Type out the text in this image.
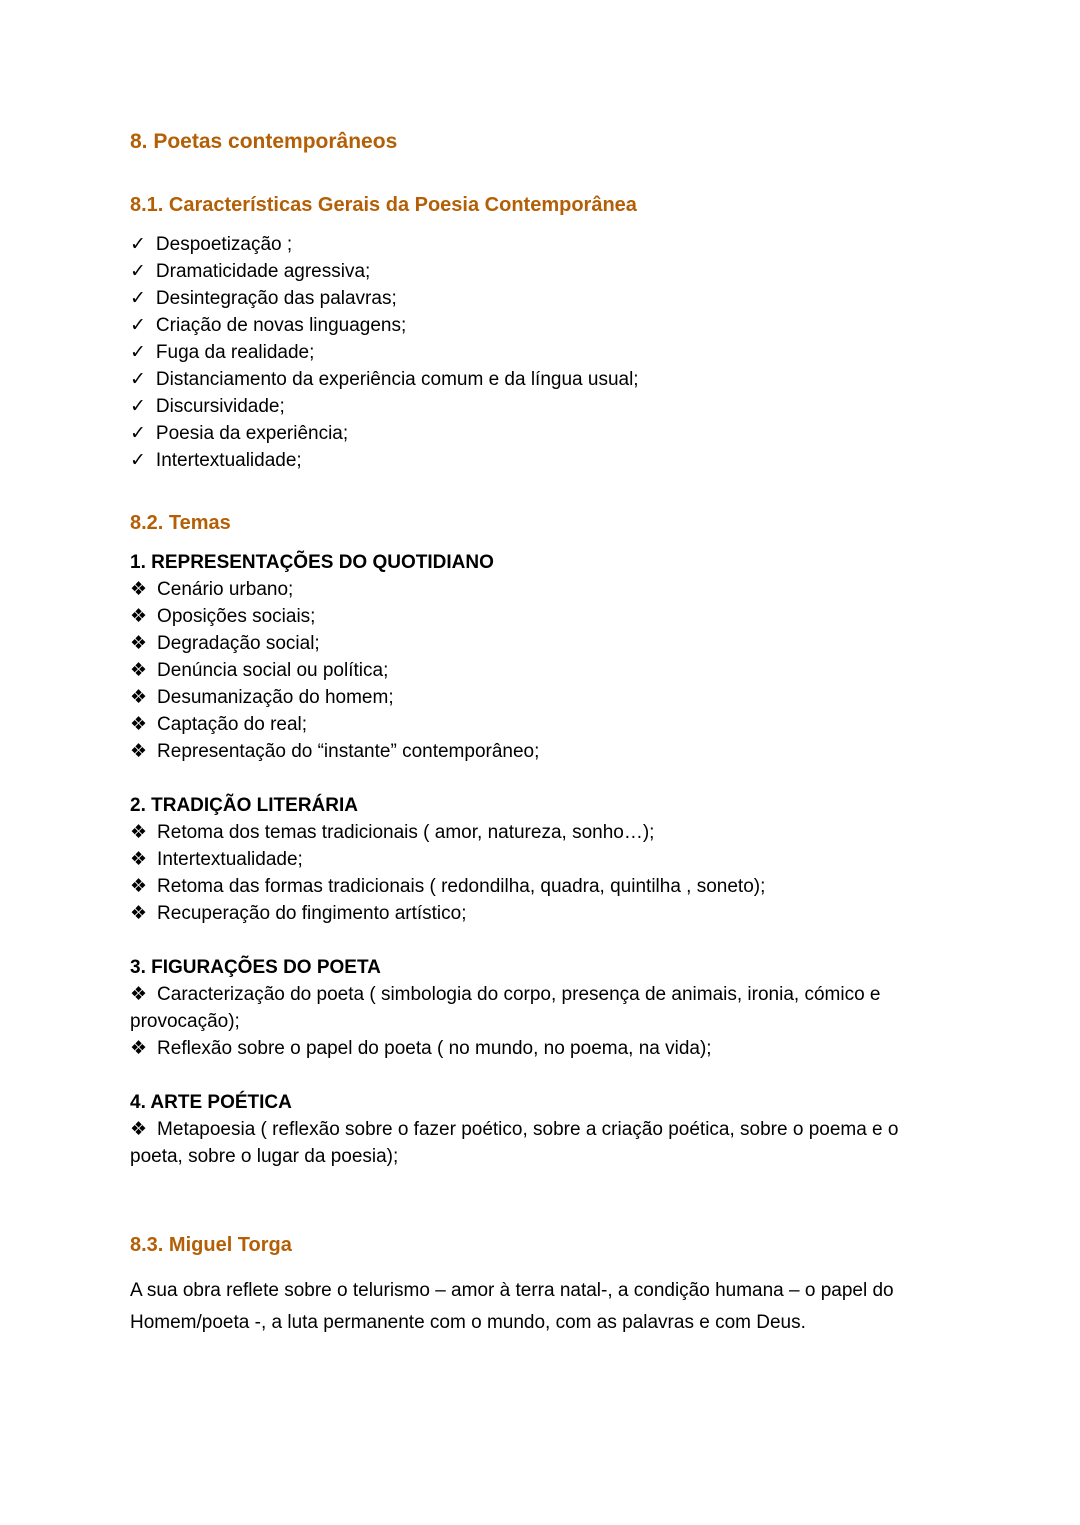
8. Poetas contemporâneos
8.1. Características Gerais da Poesia Contemporânea
✓ Despoetização ;
✓ Dramaticidade agressiva;
✓ Desintegração das palavras;
✓ Criação de novas linguagens;
✓ Fuga da realidade;
✓ Distanciamento da experiência comum e da língua usual;
✓ Discursividade;
✓ Poesia da experiência;
✓ Intertextualidade;
8.2. Temas
1. REPRESENTAÇÕES DO QUOTIDIANO
❖ Cenário urbano;
❖ Oposições sociais;
❖ Degradação social;
❖ Denúncia social ou política;
❖ Desumanização do homem;
❖ Captação do real;
❖ Representação do “instante” contemporâneo;
2. TRADIÇÃO LITERÁRIA
❖ Retoma dos temas tradicionais ( amor, natureza, sonho…);
❖ Intertextualidade;
❖ Retoma das formas tradicionais ( redondilha, quadra, quintilha , soneto);
❖ Recuperação do fingimento artístico;
3. FIGURAÇÕES DO POETA
❖ Caracterização do poeta ( simbologia do corpo, presença de animais, ironia, cómico e provocação);
❖ Reflexão sobre o papel do poeta ( no mundo, no poema, na vida);
4. ARTE POÉTICA
❖ Metapoesia ( reflexão sobre o fazer poético, sobre a criação poética, sobre o poema e o poeta, sobre o lugar da poesia);
8.3. Miguel Torga

A sua obra reflete sobre o telurismo – amor à terra natal-, a condição humana – o papel do Homem/poeta -, a luta permanente com o mundo, com as palavras e com Deus.
